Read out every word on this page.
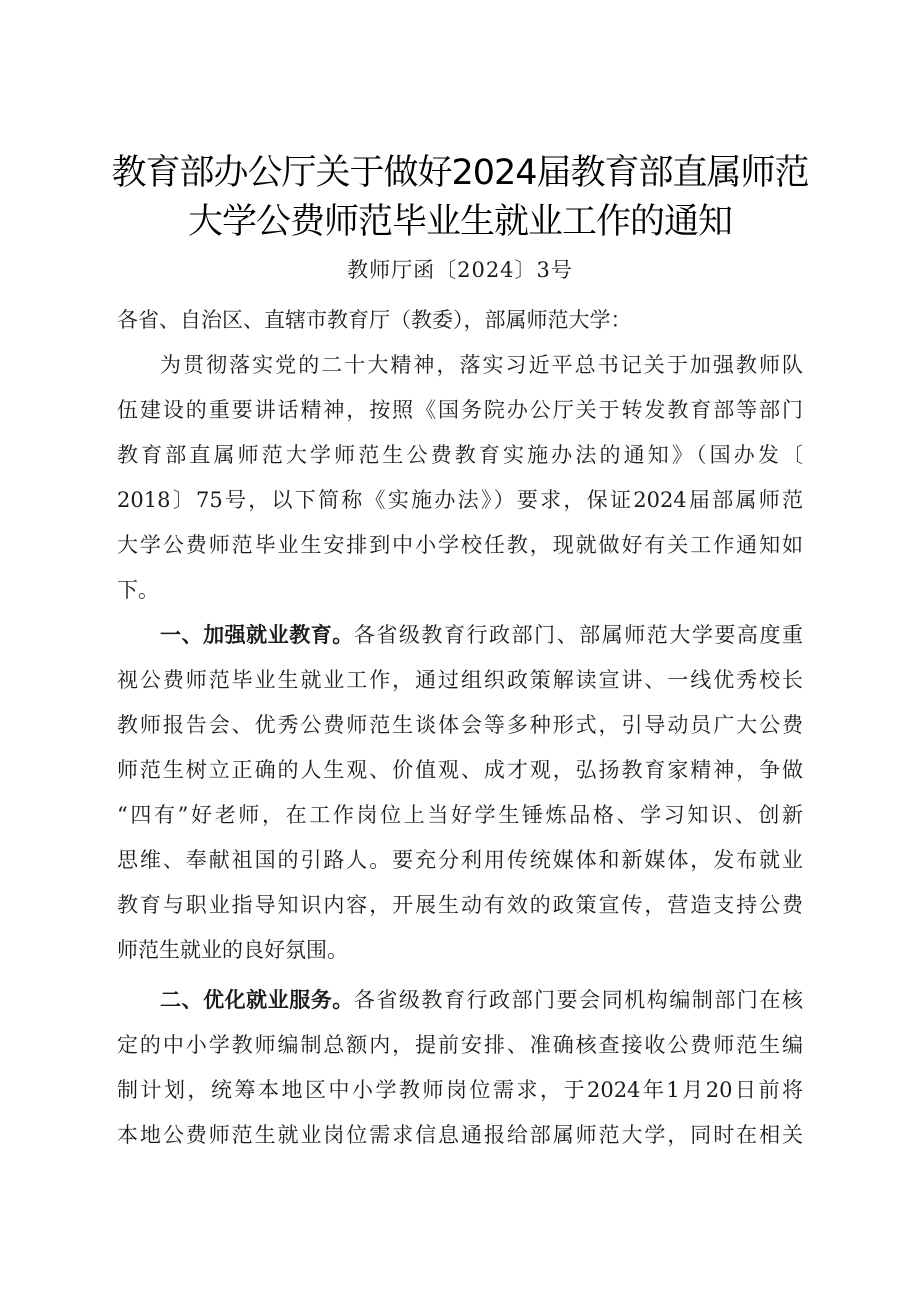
教育部办公厅关于做好2024届教育部直属师范
大学公费师范毕业生就业工作的通知
教师厅函〔2024〕3号
各省、自治区、直辖市教育厅（教委），部属师范大学：
为贯彻落实党的二十大精神，落实习近平总书记关于加强教师队
伍建设的重要讲话精神，按照《国务院办公厅关于转发教育部等部门
教育部直属师范大学师范生公费教育实施办法的通知》（国办发〔
2018〕75号，以下简称《实施办法》）要求，保证2024届部属师范
大学公费师范毕业生安排到中小学校任教，现就做好有关工作通知如
下。
一、加强就业教育。各省级教育行政部门、部属师范大学要高度重
视公费师范毕业生就业工作，通过组织政策解读宣讲、一线优秀校长
教师报告会、优秀公费师范生谈体会等多种形式，引导动员广大公费
师范生树立正确的人生观、价值观、成才观，弘扬教育家精神，争做
“四有”好老师，在工作岗位上当好学生锤炼品格、学习知识、创新
思维、奉献祖国的引路人。要充分利用传统媒体和新媒体，发布就业
教育与职业指导知识内容，开展生动有效的政策宣传，营造支持公费
师范生就业的良好氛围。
二、优化就业服务。各省级教育行政部门要会同机构编制部门在核
定的中小学教师编制总额内，提前安排、准确核查接收公费师范生编
制计划，统筹本地区中小学教师岗位需求，于2024年1月20日前将
本地公费师范生就业岗位需求信息通报给部属师范大学，同时在相关
